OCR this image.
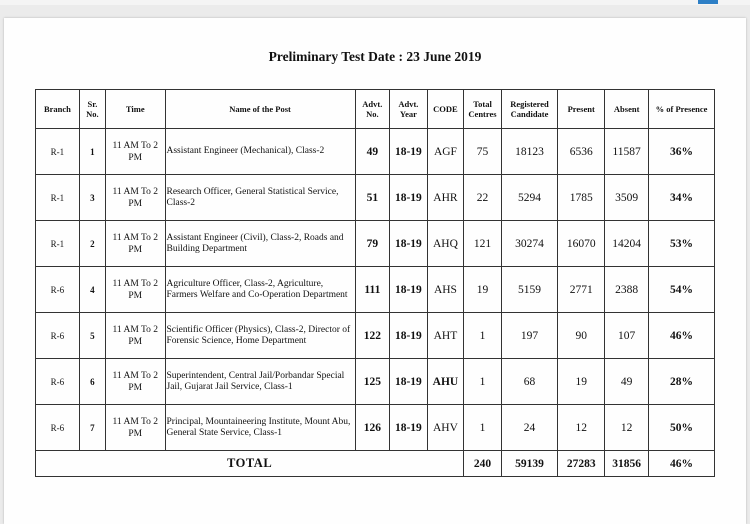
Preliminary Test Date : 23 June 2019
Branch	Sr. No.	Time	Name of the Post	Advt. No.	Advt. Year	CODE	Total Centres	Registered Candidate	Present	Absent	% of Presence
R-1	1	11 AM To 2 PM	Assistant Engineer (Mechanical), Class-2	49	18-19	AGF	75	18123	6536	11587	36%
R-1	3	11 AM To 2 PM	Research Officer, General Statistical Service, Class-2	51	18-19	AHR	22	5294	1785	3509	34%
R-1	2	11 AM To 2 PM	Assistant Engineer (Civil), Class-2, Roads and Building Department	79	18-19	AHQ	121	30274	16070	14204	53%
R-6	4	11 AM To 2 PM	Agriculture Officer, Class-2, Agriculture, Farmers Welfare and Co-Operation Department	111	18-19	AHS	19	5159	2771	2388	54%
R-6	5	11 AM To 2 PM	Scientific Officer (Physics), Class-2, Director of Forensic Science, Home Department	122	18-19	AHT	1	197	90	107	46%
R-6	6	11 AM To 2 PM	Superintendent, Central Jail/Porbandar Special Jail, Gujarat Jail Service, Class-1	125	18-19	AHU	1	68	19	49	28%
R-6	7	11 AM To 2 PM	Principal, Mountaineering Institute, Mount Abu, General State Service, Class-1	126	18-19	AHV	1	24	12	12	50%
TOTAL							240	59139	27283	31856	46%
